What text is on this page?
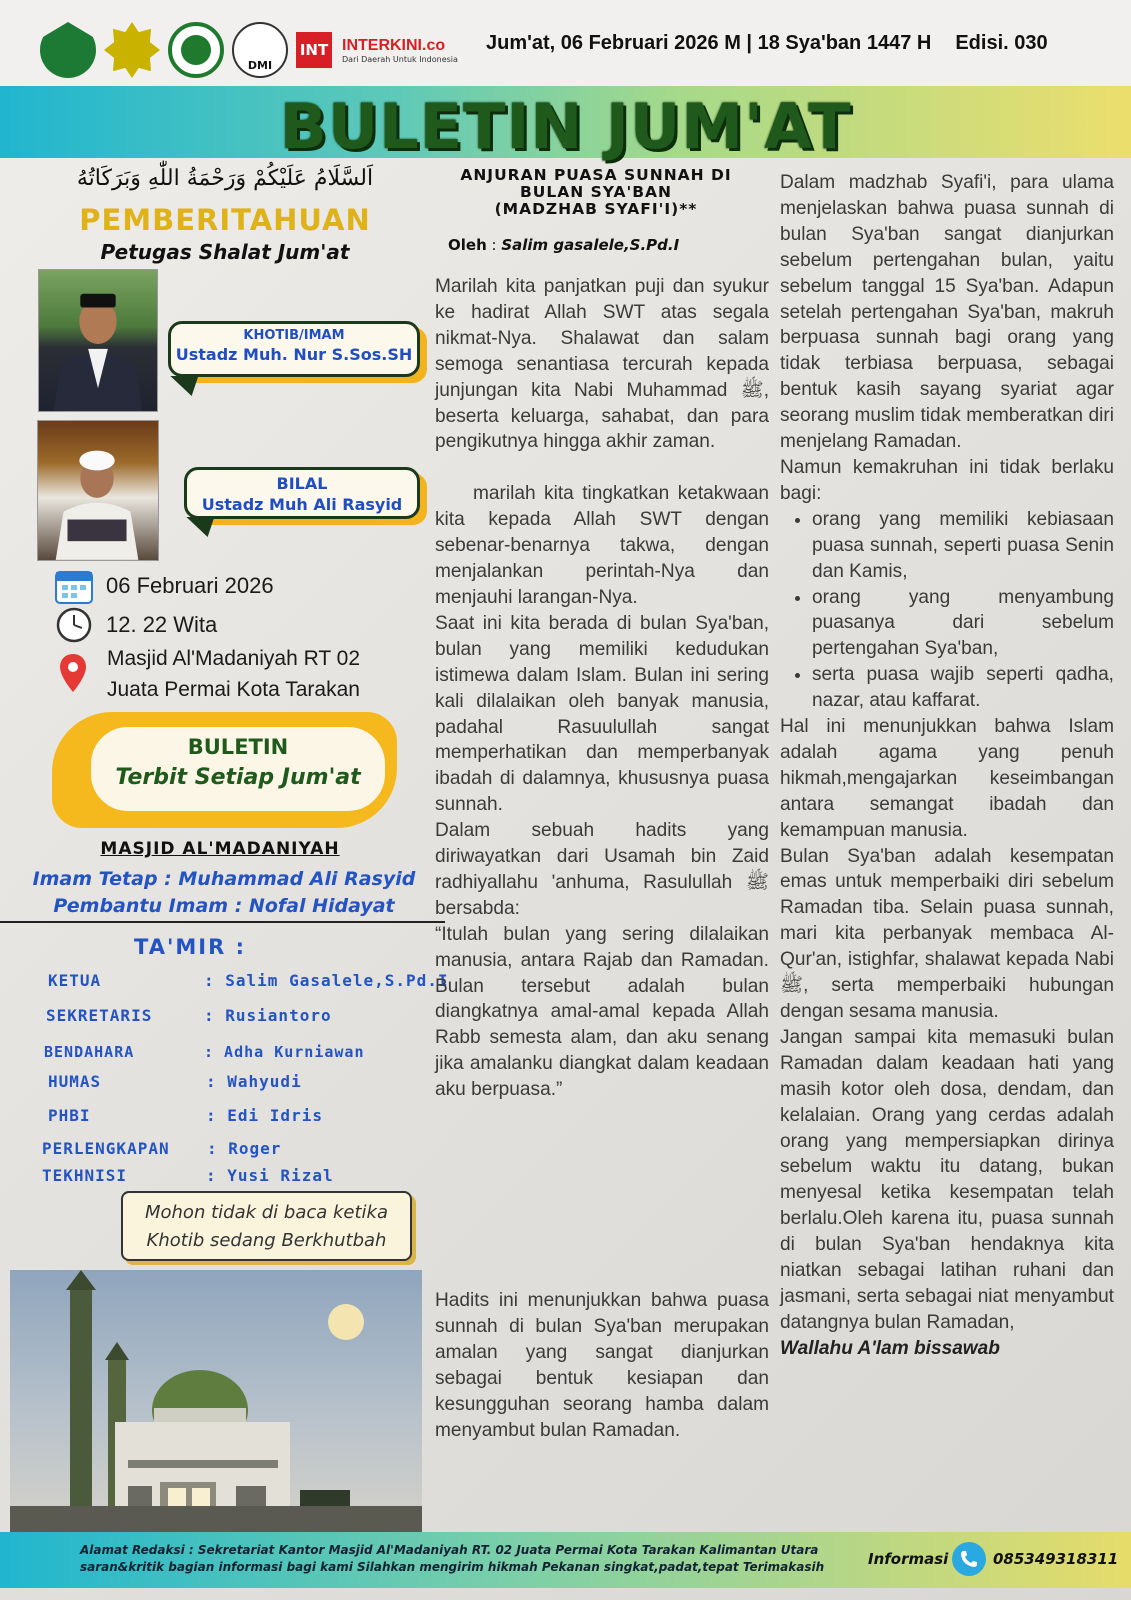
DMI
INT INTERKINI.co
Dari Daerah Untuk Indonesia
Jum'at, 06 Februari 2026 M | 18 Sya'ban 1447 H Edisi. 030
BULETIN JUM'AT
اَلسَّلَامُ عَلَيْكُمْ وَرَحْمَةُ اللّٰهِ وَبَرَكَاتُهُ
PEMBERITAHUAN
Petugas Shalat Jum'at
KHOTIB/IMAM
Ustadz Muh. Nur S.Sos.SH
BILAL
Ustadz Muh Ali Rasyid
06 Februari 2026
12. 22 Wita
Masjid Al'Madaniyah RT 02
Juata Permai Kota Tarakan
BULETIN
Terbit Setiap Jum'at
MASJID AL'MADANIYAH
Imam Tetap : Muhammad Ali Rasyid
Pembantu Imam : Nofal Hidayat
TA'MIR :
KETUA	: Salim Gasalele,S.Pd.I
SEKRETARIS	: Rusiantoro
BENDAHARA	: Adha Kurniawan
HUMAS	: Wahyudi
PHBI	: Edi Idris
PERLENGKAPAN : Roger
TEKHNISI	: Yusi Rizal
Mohon tidak di baca ketika
Khotib sedang Berkhutbah
ANJURAN PUASA SUNNAH DI
BULAN SYA'BAN
(MADZHAB SYAFI'I)**
Oleh : Salim gasalele,S.Pd.I

Marilah kita panjatkan puji dan syukur ke hadirat Allah SWT atas segala nikmat-Nya. Shalawat dan salam semoga senantiasa tercurah kepada junjungan kita Nabi Muhammad ﷺ, beserta keluarga, sahabat, dan para pengikutnya hingga akhir zaman.

marilah kita tingkatkan ketakwaan kita kepada Allah SWT dengan sebenar-benarnya takwa, dengan menjalankan perintah-Nya dan menjauhi larangan-Nya.

Saat ini kita berada di bulan Sya'ban, bulan yang memiliki kedudukan istimewa dalam Islam. Bulan ini sering kali dilalaikan oleh banyak manusia, padahal Rasuulullah sangat memperhatikan dan memperbanyak ibadah di dalamnya, khususnya puasa sunnah.

Dalam sebuah hadits yang diriwayatkan dari Usamah bin Zaid radhiyallahu 'anhuma, Rasulullah ﷺ bersabda:

“Itulah bulan yang sering dilalaikan manusia, antara Rajab dan Ramadan. Bulan tersebut adalah bulan diangkatnya amal-amal kepada Allah Rabb semesta alam, dan aku senang jika amalanku diangkat dalam keadaan aku berpuasa.”

Hadits ini menunjukkan bahwa puasa sunnah di bulan Sya'ban merupakan amalan yang sangat dianjurkan sebagai bentuk kesiapan dan kesungguhan seorang hamba dalam menyambut bulan Ramadan.

Dalam madzhab Syafi'i, para ulama menjelaskan bahwa puasa sunnah di bulan Sya'ban sangat dianjurkan sebelum pertengahan bulan, yaitu sebelum tanggal 15 Sya'ban. Adapun setelah pertengahan Sya'ban, makruh berpuasa sunnah bagi orang yang tidak terbiasa berpuasa, sebagai bentuk kasih sayang syariat agar seorang muslim tidak memberatkan diri menjelang Ramadan.

Namun kemakruhan ini tidak berlaku bagi:

• orang yang memiliki kebiasaan puasa sunnah, seperti puasa Senin dan Kamis,
• orang yang menyambung puasanya dari sebelum pertengahan Sya'ban,
• serta puasa wajib seperti qadha, nazar, atau kaffarat.

Hal ini menunjukkan bahwa Islam adalah agama yang penuh hikmah,mengajarkan keseimbangan antara semangat ibadah dan kemampuan manusia.

Bulan Sya'ban adalah kesempatan emas untuk memperbaiki diri sebelum Ramadan tiba. Selain puasa sunnah, mari kita perbanyak membaca Al-Qur'an, istighfar, shalawat kepada Nabi ﷺ, serta memperbaiki hubungan dengan sesama manusia.

Jangan sampai kita memasuki bulan Ramadan dalam keadaan hati yang masih kotor oleh dosa, dendam, dan kelalaian. Orang yang cerdas adalah orang yang mempersiapkan dirinya sebelum waktu itu datang, bukan menyesal ketika kesempatan telah berlalu.Oleh karena itu, puasa sunnah di bulan Sya'ban hendaknya kita niatkan sebagai latihan ruhani dan jasmani, serta sebagai niat menyambut datangnya bulan Ramadan,

Wallahu A'lam bissawab

Alamat Redaksi : Sekretariat Kantor Masjid Al'Madaniyah RT. 02 Juata Permai Kota Tarakan Kalimantan Utara
saran&kritik bagian informasi bagi kami Silahkan mengirim hikmah Pekanan singkat,padat,tepat Terimakasih	Informasi	085349318311
